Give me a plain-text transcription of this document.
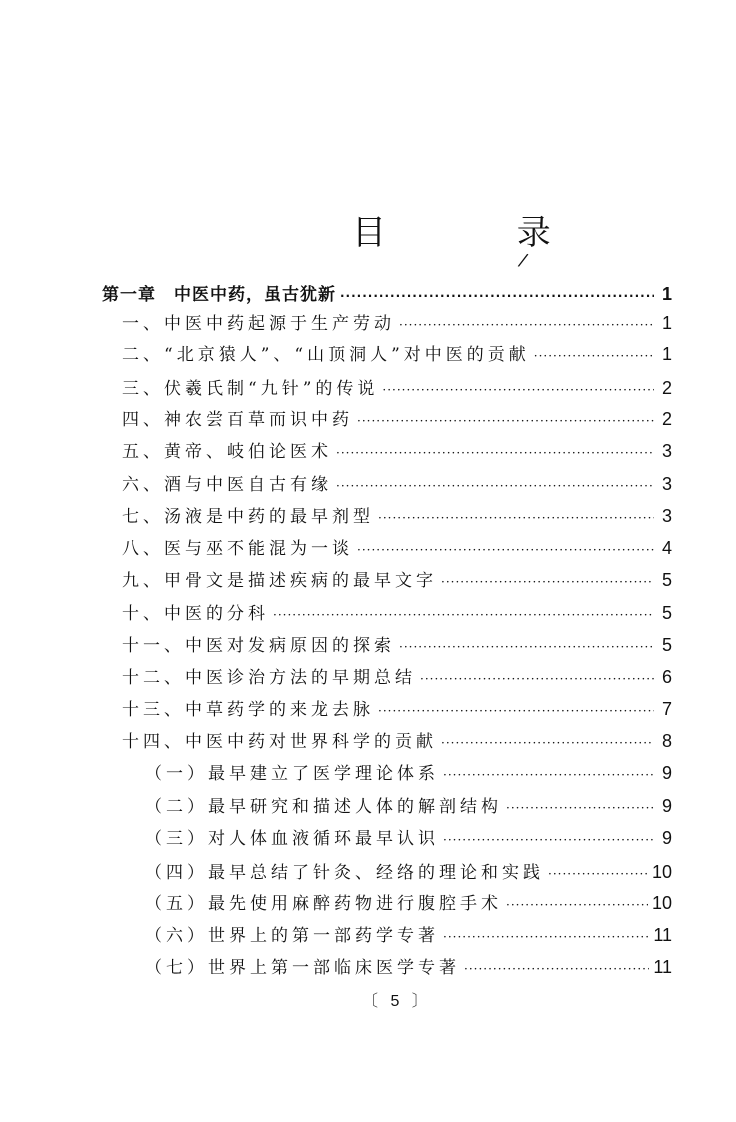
目 录
/
第一章　中医中药，虽古犹新 ·····	1
一、中医中药起源于生产劳动 ·····	1
二、“北京猿人”、“山顶洞人”对中医的贡献 ·····	1
三、伏羲氏制“九针”的传说 ·····	2
四、神农尝百草而识中药 ·····	2
五、黄帝、岐伯论医术 ·····	3
六、酒与中医自古有缘 ·····	3
七、汤液是中药的最早剂型 ·····	3
八、医与巫不能混为一谈 ·····	4
九、甲骨文是描述疾病的最早文字 ·····	5
十、中医的分科 ·····	5
十一、中医对发病原因的探索 ·····	5
十二、中医诊治方法的早期总结 ·····	6
十三、中草药学的来龙去脉 ·····	7
十四、中医中药对世界科学的贡献 ·····	8
（一）最早建立了医学理论体系 ·····	9
（二）最早研究和描述人体的解剖结构 ·····	9
（三）对人体血液循环最早认识 ·····	9
（四）最早总结了针灸、经络的理论和实践 ·····	10
（五）最先使用麻醉药物进行腹腔手术 ·····	10
（六）世界上的第一部药学专著 ·····	11
（七）世界上第一部临床医学专著 ·····	11
〔 5 〕
